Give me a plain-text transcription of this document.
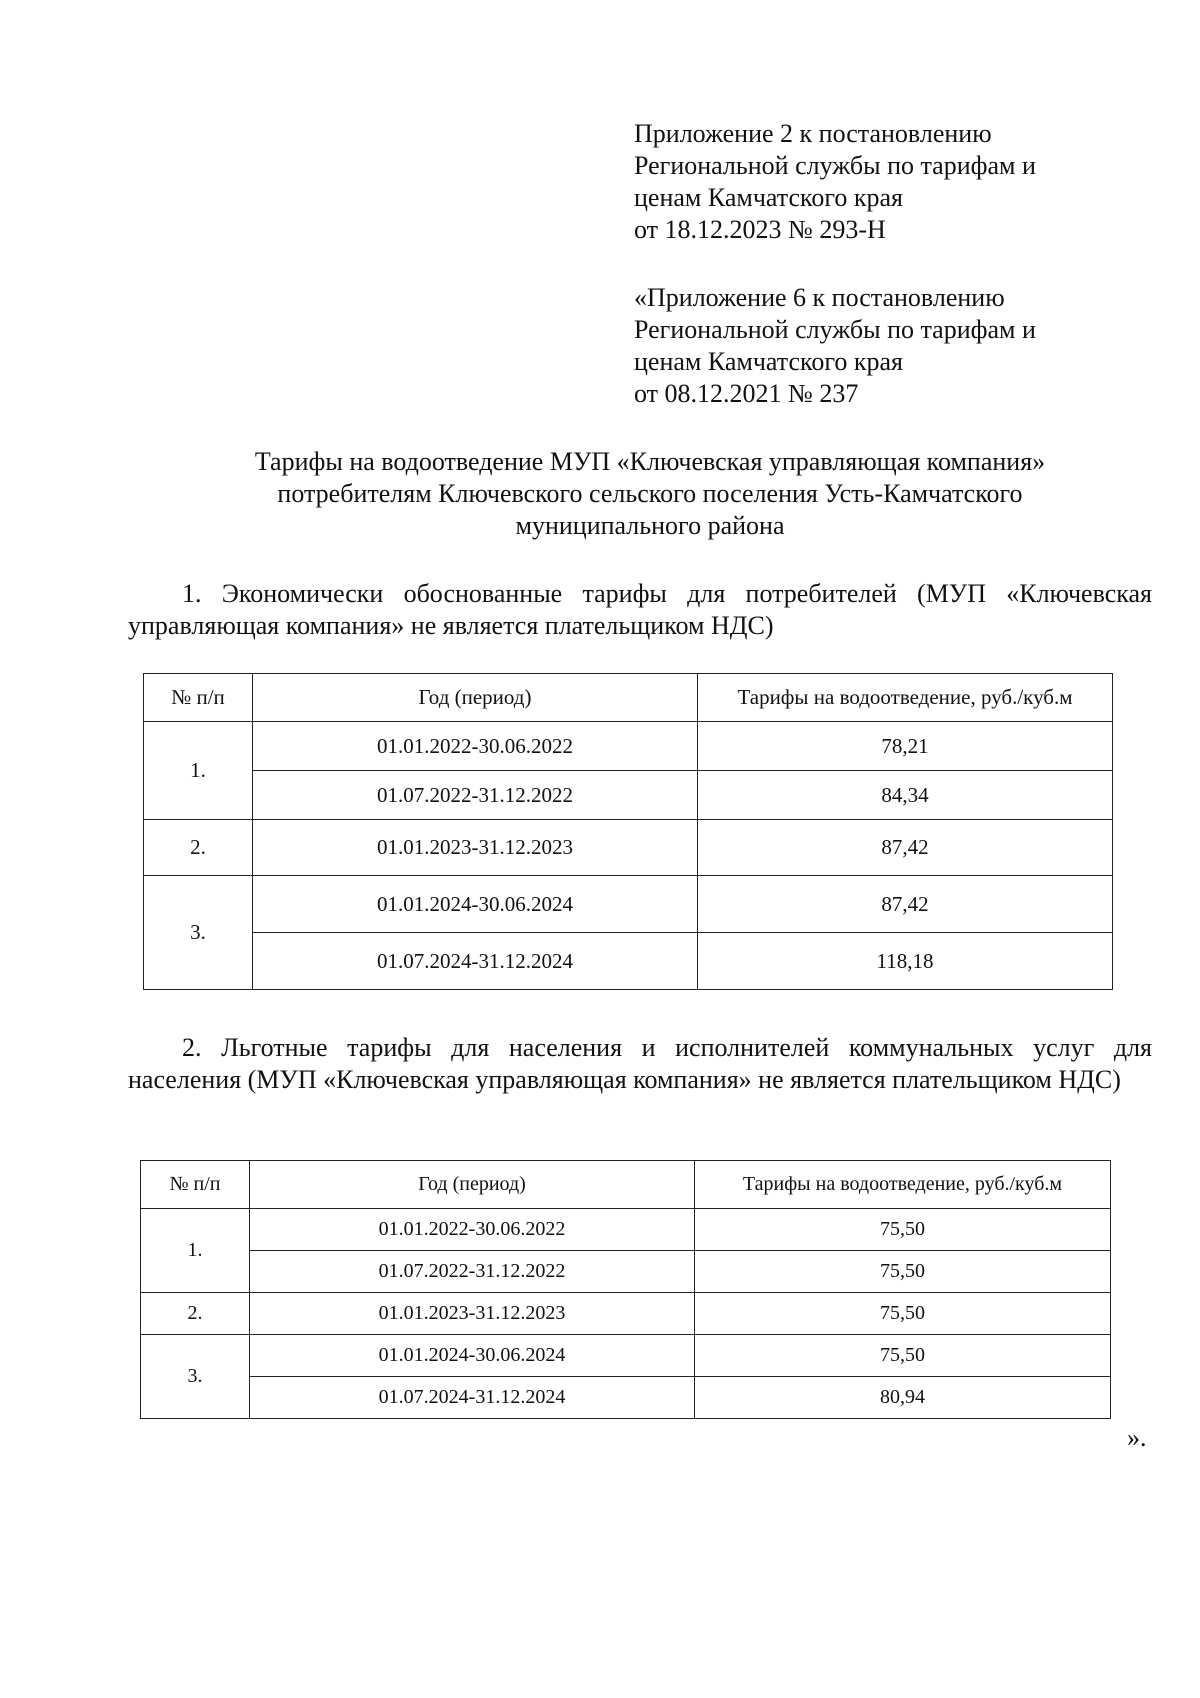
Приложение 2 к постановлению
Региональной службы по тарифам и
ценам Камчатского края
от 18.12.2023 № 293-Н
«Приложение 6 к постановлению
Региональной службы по тарифам и
ценам Камчатского края
от 08.12.2021 № 237
Тарифы на водоотведение МУП «Ключевская управляющая компания»
потребителям Ключевского сельского поселения Усть-Камчатского
муниципального района
1. Экономически обоснованные тарифы для потребителей (МУП «Ключевская управляющая компания» не является плательщиком НДС)
№ п/п	Год (период)	Тарифы на водоотведение, руб./куб.м
1.	01.01.2022-30.06.2022	78,21
	01.07.2022-31.12.2022	84,34
2.	01.01.2023-31.12.2023	87,42
3.	01.01.2024-30.06.2024	87,42
	01.07.2024-31.12.2024	118,18
2. Льготные тарифы для населения и исполнителей коммунальных услуг для населения (МУП «Ключевская управляющая компания» не является плательщиком НДС)
№ п/п	Год (период)	Тарифы на водоотведение, руб./куб.м
1.	01.01.2022-30.06.2022	75,50
	01.07.2022-31.12.2022	75,50
2.	01.01.2023-31.12.2023	75,50
3.	01.01.2024-30.06.2024	75,50
	01.07.2024-31.12.2024	80,94
».
